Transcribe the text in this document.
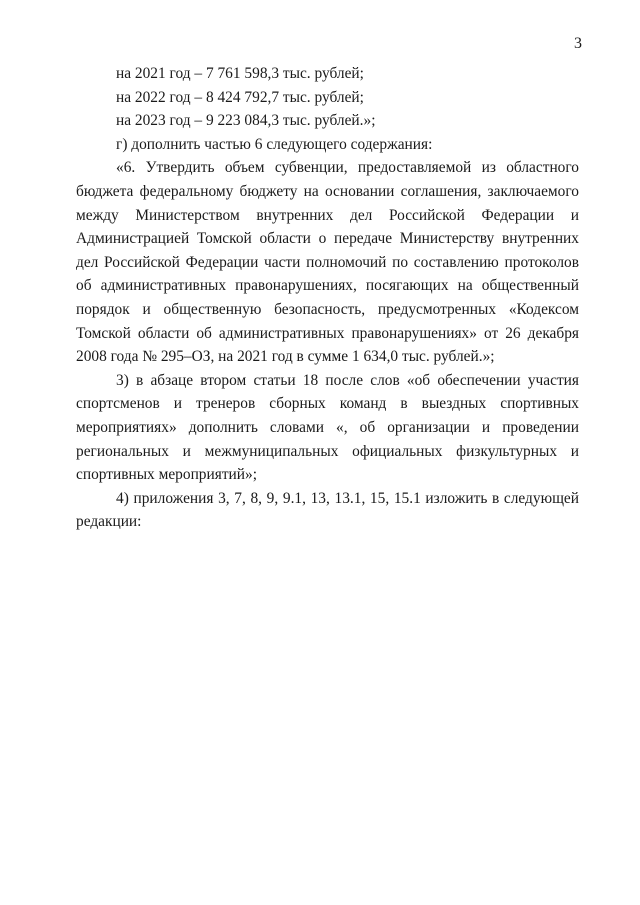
3

на 2021 год – 7 761 598,3 тыс. рублей;

на 2022 год – 8 424 792,7 тыс. рублей;

на 2023 год – 9 223 084,3 тыс. рублей.»;

г) дополнить частью 6 следующего содержания:

«6. Утвердить объем субвенции, предоставляемой из областного бюджета федеральному бюджету на основании соглашения, заключаемого между Министерством внутренних дел Российской Федерации и Администрацией Томской области о передаче Министерству внутренних дел Российской Федерации части полномочий по составлению протоколов об административных правонарушениях, посягающих на общественный порядок и общественную безопасность, предусмотренных «Кодексом Томской области об административных правонарушениях» от 26 декабря 2008 года № 295–ОЗ, на 2021 год в сумме 1 634,0 тыс. рублей.»;

3) в абзаце втором статьи 18 после слов «об обеспечении участия спортсменов и тренеров сборных команд в выездных спортивных мероприятиях» дополнить словами «, об организации и проведении региональных и межмуниципальных официальных физкультурных и спортивных мероприятий»;

4) приложения 3, 7, 8, 9, 9.1, 13, 13.1, 15, 15.1 изложить в следующей редакции:
